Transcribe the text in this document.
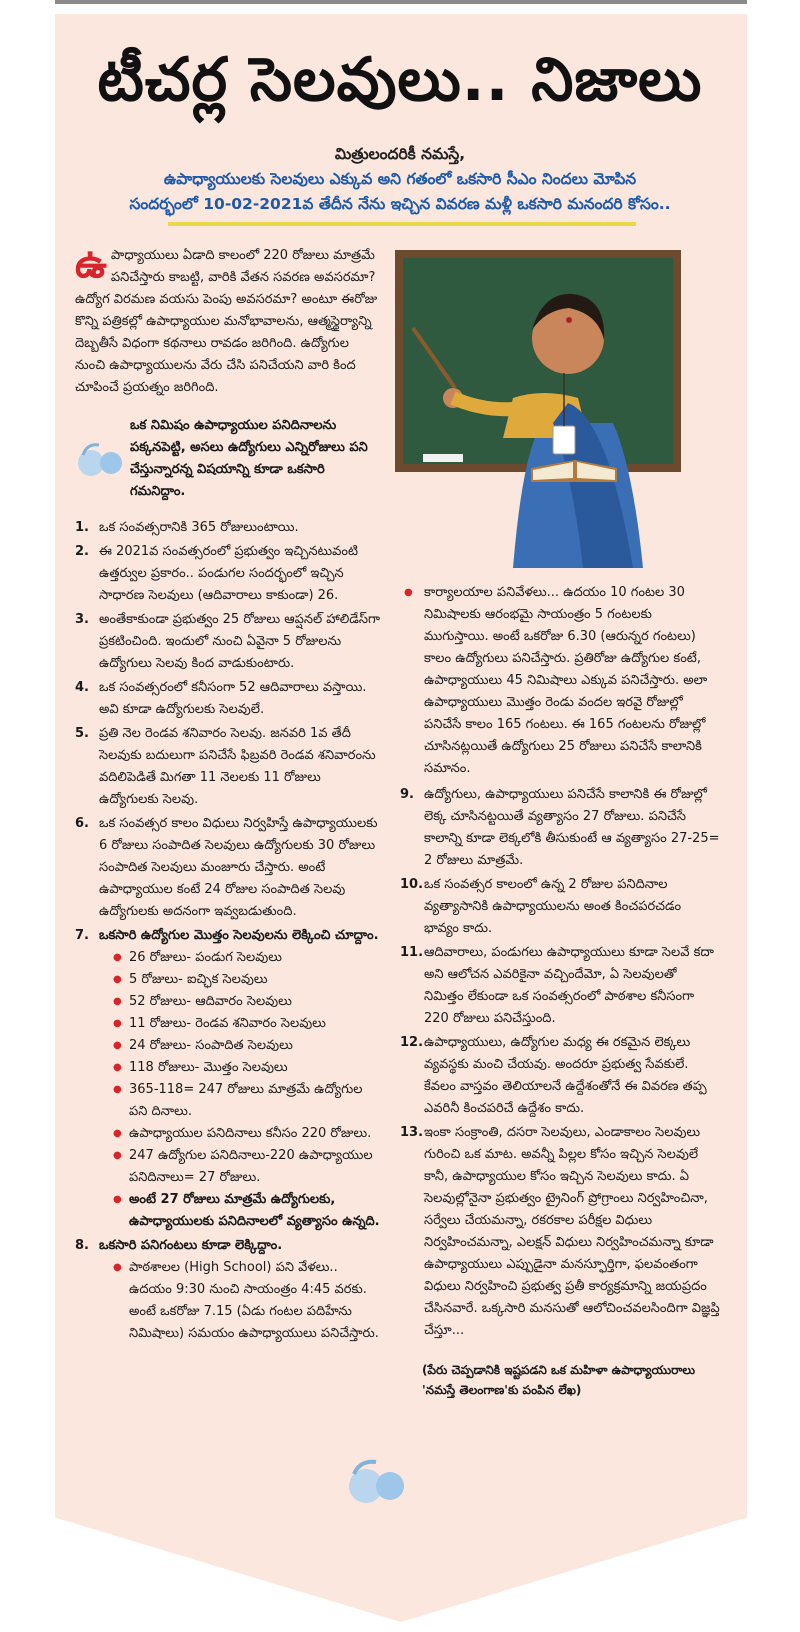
టీచర్ల సెలవులు.. నిజాలు
మిత్రులందరికీ నమస్తే,
ఉపాధ్యాయులకు సెలవులు ఎక్కువ అని గతంలో ఒకసారి సీఎం నిందలు మోపిన
సందర్భంలో 10-02-2021వ తేదీన నేను ఇచ్చిన వివరణ మళ్లీ ఒకసారి మనందరి కోసం..

ఉపాధ్యాయులు ఏడాది కాలంలో 220 రోజులు మాత్రమే పనిచేస్తారు కాబట్టి, వారికి వేతన సవరణ అవసరమా? ఉద్యోగ విరమణ వయసు పెంపు అవసరమా? అంటూ ఈరోజు కొన్ని పత్రికల్లో ఉపాధ్యాయుల మనోభావాలను, ఆత్మస్థైర్యాన్ని దెబ్బతీసే విధంగా కథనాలు రావడం జరిగింది. ఉద్యోగుల నుంచి ఉపాధ్యాయులను వేరు చేసి పనిచేయని వారి కింద చూపించే ప్రయత్నం జరిగింది.

ఒక నిమిషం ఉపాధ్యాయుల పనిదినాలను పక్కనపెట్టి, అసలు ఉద్యోగులు ఎన్నిరోజులు పని చేస్తున్నారన్న విషయాన్ని కూడా ఒకసారి గమనిద్దాం.
1. ఒక సంవత్సరానికి 365 రోజులుంటాయి.
2. ఈ 2021వ సంవత్సరంలో ప్రభుత్వం ఇచ్చినటువంటి ఉత్తర్వుల ప్రకారం.. పండుగల సందర్భంలో ఇచ్చిన సాధారణ సెలవులు (ఆదివారాలు కాకుండా) 26.
3. అంతేకాకుండా ప్రభుత్వం 25 రోజులు ఆప్షనల్ హాలిడేస్‌గా ప్రకటించింది. ఇందులో నుంచి ఏవైనా 5 రోజులను ఉద్యోగులు సెలవు కింద వాడుకుంటారు.
4. ఒక సంవత్సరంలో కనీసంగా 52 ఆదివారాలు వస్తాయి. అవి కూడా ఉద్యోగులకు సెలవులే.
5. ప్రతి నెల రెండవ శనివారం సెలవు. జనవరి 1వ తేదీ సెలవుకు బదులుగా పనిచేసే ఫిబ్రవరి రెండవ శనివారంను వదిలిపెడితే మిగతా 11 నెలలకు 11 రోజులు ఉద్యోగులకు సెలవు.
6. ఒక సంవత్సర కాలం విధులు నిర్వహిస్తే ఉపాధ్యాయులకు 6 రోజులు సంపాదిత సెలవులు ఉద్యోగులకు 30 రోజులు సంపాదిత సెలవులు మంజూరు చేస్తారు. అంటే ఉపాధ్యాయుల కంటే 24 రోజుల సంపాదిత సెలవు ఉద్యోగులకు అదనంగా ఇవ్వబడుతుంది.
7. ఒకసారి ఉద్యోగుల మొత్తం సెలవులను లెక్కించి చూద్దాం.
● 26 రోజులు- పండుగ సెలవులు
● 5 రోజులు- ఐచ్ఛిక సెలవులు
● 52 రోజులు- ఆదివారం సెలవులు
● 11 రోజులు- రెండవ శనివారం సెలవులు
● 24 రోజులు- సంపాదిత సెలవులు
● 118 రోజులు- మొత్తం సెలవులు
● 365-118= 247 రోజులు మాత్రమే ఉద్యోగుల పని దినాలు.
● ఉపాధ్యాయుల పనిదినాలు కనీసం 220 రోజులు.
● 247 ఉద్యోగుల పనిదినాలు-220 ఉపాధ్యాయుల పనిదినాలు= 27 రోజులు.
● అంటే 27 రోజులు మాత్రమే ఉద్యోగులకు, ఉపాధ్యాయులకు పనిదినాలలో వ్యత్యాసం ఉన్నది.
8. ఒకసారి పనిగంటలు కూడా లెక్కిద్దాం.
● పాఠశాలల (High School) పని వేళలు.. ఉదయం 9:30 నుంచి సాయంత్రం 4:45 వరకు. అంటే ఒకరోజు 7.15 (ఏడు గంటల పదిహేను నిమిషాలు) సమయం ఉపాధ్యాయులు పనిచేస్తారు.

● కార్యాలయాల పనివేళలు... ఉదయం 10 గంటల 30 నిమిషాలకు ఆరంభమై సాయంత్రం 5 గంటలకు ముగుస్తాయి. అంటే ఒకరోజు 6.30 (ఆరున్నర గంటలు) కాలం ఉద్యోగులు పనిచేస్తారు. ప్రతిరోజు ఉద్యోగుల కంటే, ఉపాధ్యాయులు 45 నిమిషాలు ఎక్కువ పనిచేస్తారు. అలా ఉపాధ్యాయులు మొత్తం రెండు వందల ఇరవై రోజుల్లో పనిచేసే కాలం 165 గంటలు. ఈ 165 గంటలను రోజుల్లో చూసినట్లయితే ఉద్యోగులు 25 రోజులు పనిచేసే కాలానికి సమానం.

9. ఉద్యోగులు, ఉపాధ్యాయులు పనిచేసే కాలానికి ఈ రోజుల్లో లెక్క చూసినట్టయితే వ్యత్యాసం 27 రోజులు. పనిచేసే కాలాన్ని కూడా లెక్కలోకి తీసుకుంటే ఆ వ్యత్యాసం 27-25= 2 రోజులు మాత్రమే.
10. ఒక సంవత్సర కాలంలో ఉన్న 2 రోజుల పనిదినాల వ్యత్యాసానికి ఉపాధ్యాయులను అంత కించపరచడం భావ్యం కాదు.
11. ఆదివారాలు, పండుగలు ఉపాధ్యాయులు కూడా సెలవే కదా అని ఆలోచన ఎవరికైనా వచ్చిందేమో, ఏ సెలవులతో నిమిత్తం లేకుండా ఒక సంవత్సరంలో పాఠశాల కనీసంగా 220 రోజులు పనిచేస్తుంది.
12. ఉపాధ్యాయులు, ఉద్యోగుల మధ్య ఈ రకమైన లెక్కలు వ్యవస్థకు మంచి చేయవు. అందరూ ప్రభుత్వ సేవకులే. కేవలం వాస్తవం తెలియాలనే ఉద్దేశంతోనే ఈ వివరణ తప్ప ఎవరినీ కించపరిచే ఉద్దేశం కాదు.
13. ఇంకా సంక్రాంతి, దసరా సెలవులు, ఎండాకాలం సెలవులు గురించి ఒక మాట. అవన్నీ పిల్లల కోసం ఇచ్చిన సెలవులే కానీ, ఉపాధ్యాయుల కోసం ఇచ్చిన సెలవులు కాదు. ఏ సెలవుల్లోనైనా ప్రభుత్వం ట్రైనింగ్ ప్రోగ్రాంలు నిర్వహించినా, సర్వేలు చేయమన్నా, రకరకాల పరీక్షల విధులు నిర్వహించమన్నా, ఎలక్షన్ విధులు నిర్వహించమన్నా కూడా ఉపాధ్యాయులు ఎప్పుడైనా మనస్ఫూర్తిగా, ఫలవంతంగా విధులు నిర్వహించి ప్రభుత్వ ప్రతీ కార్యక్రమాన్ని జయప్రదం చేసినవారే. ఒక్కసారి మనసుతో ఆలోచించవలసిందిగా విజ్ఞప్తి చేస్తూ...

(పేరు చెప్పడానికి ఇష్టపడని ఒక మహిళా ఉపాధ్యాయురాలు 'నమస్తే తెలంగాణ'కు పంపిన లేఖ)
